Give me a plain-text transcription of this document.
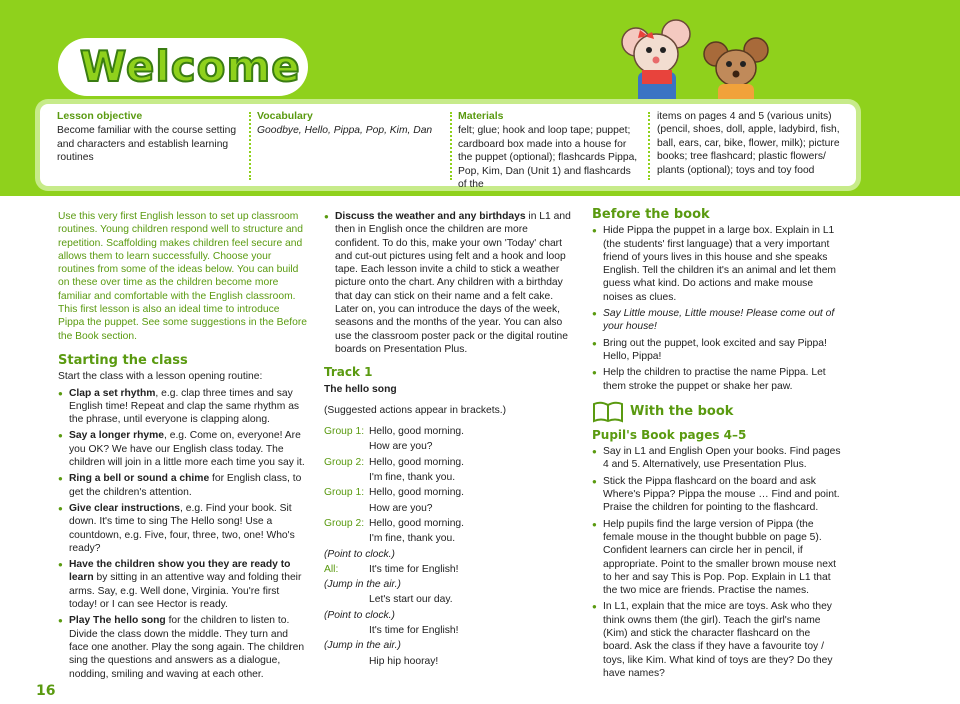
Welcome
Lesson objective
Become familiar with the course setting and characters and establish learning routines
Vocabulary
Goodbye, Hello, Pippa, Pop, Kim, Dan
Materials
felt; glue; hook and loop tape; puppet; cardboard box made into a house for the puppet (optional); flashcards Pippa, Pop, Kim, Dan (Unit 1) and flashcards of the
items on pages 4 and 5 (various units) (pencil, shoes, doll, apple, ladybird, fish, ball, ears, car, bike, flower, milk); picture books; tree flashcard; plastic flowers/ plants (optional); toys and toy food
Use this very first English lesson to set up classroom routines. Young children respond well to structure and repetition. Scaffolding makes children feel secure and allows them to learn successfully. Choose your routines from some of the ideas below. You can build on these over time as the children become more familiar and comfortable with the English classroom. This first lesson is also an ideal time to introduce Pippa the puppet. See some suggestions in the Before the Book section.
Starting the class
Start the class with a lesson opening routine:
● Clap a set rhythm, e.g. clap three times and say English time! Repeat and clap the same rhythm as the phrase, until everyone is clapping along.
● Say a longer rhyme, e.g. Come on, everyone! Are you OK? We have our English class today. The children will join in a little more each time you say it.
● Ring a bell or sound a chime for English class, to get the children's attention.
● Give clear instructions, e.g. Find your book. Sit down. It's time to sing The Hello song! Use a countdown, e.g. Five, four, three, two, one! Who's ready?
● Have the children show you they are ready to learn by sitting in an attentive way and folding their arms. Say, e.g. Well done, Virginia. You're first today! or I can see Hector is ready.
● Play The hello song for the children to listen to. Divide the class down the middle. They turn and face one another. Play the song again. The children sing the questions and answers as a dialogue, nodding, smiling and waving at each other.
● Discuss the weather and any birthdays in L1 and then in English once the children are more confident. To do this, make your own 'Today' chart and cut-out pictures using felt and a hook and loop tape. Each lesson invite a child to stick a weather picture onto the chart. Any children with a birthday that day can stick on their name and a felt cake. Later on, you can introduce the days of the week, seasons and the months of the year. You can also use the classroom poster pack or the digital routine boards on Presentation Plus.
Track 1
The hello song
(Suggested actions appear in brackets.)
Group 1: Hello, good morning.
How are you?
Group 2: Hello, good morning.
I'm fine, thank you.
Group 1: Hello, good morning.
How are you?
Group 2: Hello, good morning.
I'm fine, thank you.
(Point to clock.)
All:	It's time for English!
(Jump in the air.)
Let's start our day.
(Point to clock.)
It's time for English!
(Jump in the air.)
Hip hip hooray!
Before the book
● Hide Pippa the puppet in a large box. Explain in L1 (the students' first language) that a very important friend of yours lives in this house and she speaks English. Tell the children it's an animal and let them guess what kind. Do actions and make mouse noises as clues.
● Say Little mouse, Little mouse! Please come out of your house!
● Bring out the puppet, look excited and say Pippa! Hello, Pippa!
● Help the children to practise the name Pippa. Let them stroke the puppet or shake her paw.
With the book
Pupil's Book pages 4–5
● Say in L1 and English Open your books. Find pages 4 and 5. Alternatively, use Presentation Plus.
● Stick the Pippa flashcard on the board and ask Where's Pippa? Pippa the mouse … Find and point. Praise the children for pointing to the flashcard.
● Help pupils find the large version of Pippa (the female mouse in the thought bubble on page 5). Confident learners can circle her in pencil, if appropriate. Point to the smaller brown mouse next to her and say This is Pop. Pop. Explain in L1 that the two mice are friends. Practise the names.
● In L1, explain that the mice are toys. Ask who they think owns them (the girl). Teach the girl's name (Kim) and stick the character flashcard on the board. Ask the class if they have a favourite toy / toys, like Kim. What kind of toys are they? Do they have names?
16
